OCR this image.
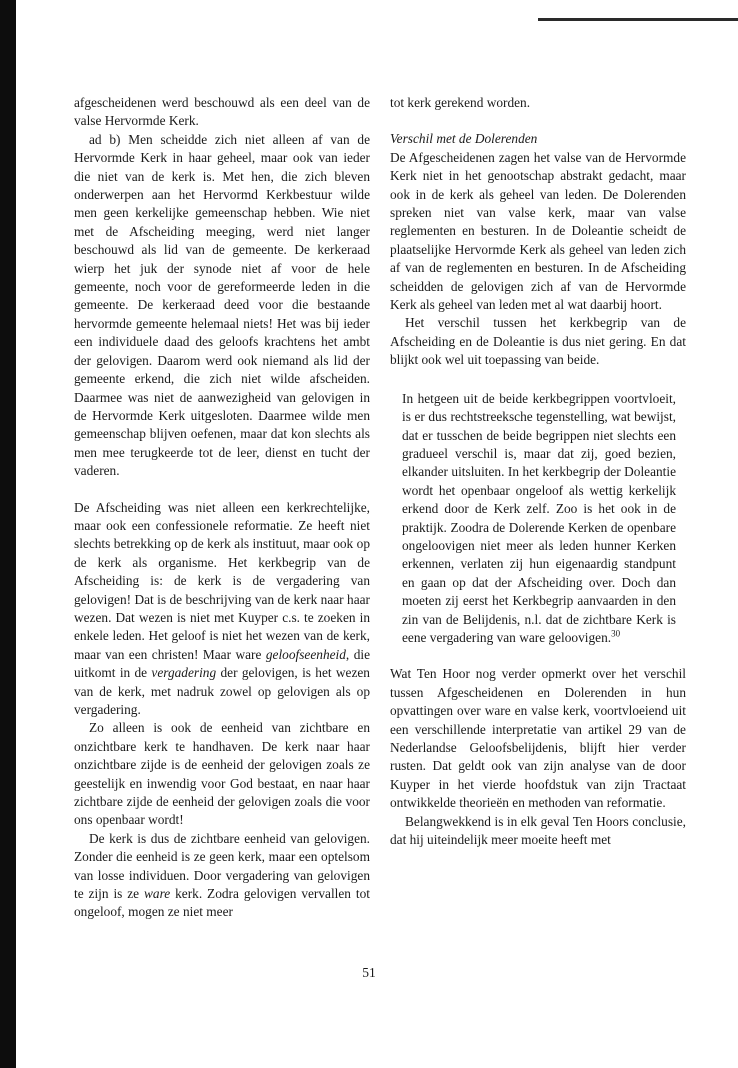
afgescheidenen werd beschouwd als een deel van de valse Hervormde Kerk.

ad b) Men scheidde zich niet alleen af van de Hervormde Kerk in haar geheel, maar ook van ieder die niet van de kerk is. Met hen, die zich bleven onderwerpen aan het Hervormd Kerkbestuur wilde men geen kerkelijke gemeenschap hebben. Wie niet met de Afscheiding meeging, werd niet langer beschouwd als lid van de gemeente. De kerkeraad wierp het juk der synode niet af voor de hele gemeente, noch voor de gereformeerde leden in die gemeente. De kerkeraad deed voor die bestaande hervormde gemeente helemaal niets! Het was bij ieder een individuele daad des geloofs krachtens het ambt der gelovigen. Daarom werd ook niemand als lid der gemeente erkend, die zich niet wilde afscheiden. Daarmee was niet de aanwezigheid van gelovigen in de Hervormde Kerk uitgesloten. Daarmee wilde men gemeenschap blijven oefenen, maar dat kon slechts als men mee terugkeerde tot de leer, dienst en tucht der vaderen.

De Afscheiding was niet alleen een kerkrechtelijke, maar ook een confessionele reformatie. Ze heeft niet slechts betrekking op de kerk als instituut, maar ook op de kerk als organisme. Het kerkbegrip van de Afscheiding is: de kerk is de vergadering van gelovigen! Dat is de beschrijving van de kerk naar haar wezen. Dat wezen is niet met Kuyper c.s. te zoeken in enkele leden. Het geloof is niet het wezen van de kerk, maar van een christen! Maar ware geloofseenheid, die uitkomt in de vergadering der gelovigen, is het wezen van de kerk, met nadruk zowel op gelovigen als op vergadering.

Zo alleen is ook de eenheid van zichtbare en onzichtbare kerk te handhaven. De kerk naar haar onzichtbare zijde is de eenheid der gelovigen zoals ze geestelijk en inwendig voor God bestaat, en naar haar zichtbare zijde de eenheid der gelovigen zoals die voor ons openbaar wordt!

De kerk is dus de zichtbare eenheid van gelovigen. Zonder die eenheid is ze geen kerk, maar een optelsom van losse individuen. Door vergadering van gelovigen te zijn is ze ware kerk. Zodra gelovigen vervallen tot ongeloof, mogen ze niet meer

tot kerk gerekend worden.

Verschil met de Dolerenden

De Afgescheidenen zagen het valse van de Hervormde Kerk niet in het genootschap abstrakt gedacht, maar ook in de kerk als geheel van leden. De Dolerenden spreken niet van valse kerk, maar van valse reglementen en besturen. In de Doleantie scheidt de plaatselijke Hervormde Kerk als geheel van leden zich af van de reglementen en besturen. In de Afscheiding scheidden de gelovigen zich af van de Hervormde Kerk als geheel van leden met al wat daarbij hoort.

Het verschil tussen het kerkbegrip van de Afscheiding en de Doleantie is dus niet gering. En dat blijkt ook wel uit toepassing van beide.

In hetgeen uit de beide kerkbegrippen voortvloeit, is er dus rechtstreeksche tegenstelling, wat bewijst, dat er tusschen de beide begrippen niet slechts een gradueel verschil is, maar dat zij, goed bezien, elkander uitsluiten. In het kerkbegrip der Doleantie wordt het openbaar ongeloof als wettig kerkelijk erkend door de Kerk zelf. Zoo is het ook in de praktijk. Zoodra de Dolerende Kerken de openbare ongeloovigen niet meer als leden hunner Kerken erkennen, verlaten zij hun eigenaardig standpunt en gaan op dat der Afscheiding over. Doch dan moeten zij eerst het Kerkbegrip aanvaarden in den zin van de Belijdenis, n.l. dat de zichtbare Kerk is eene vergadering van ware geloovigen.$^{30}$

Wat Ten Hoor nog verder opmerkt over het verschil tussen Afgescheidenen en Dolerenden in hun opvattingen over ware en valse kerk, voortvloeiend uit een verschillende interpretatie van artikel 29 van de Nederlandse Geloofsbelijdenis, blijft hier verder rusten. Dat geldt ook van zijn analyse van de door Kuyper in het vierde hoofdstuk van zijn Tractaat ontwikkelde theorieën en methoden van reformatie.

Belangwekkend is in elk geval Ten Hoors conclusie, dat hij uiteindelijk meer moeite heeft met

51
